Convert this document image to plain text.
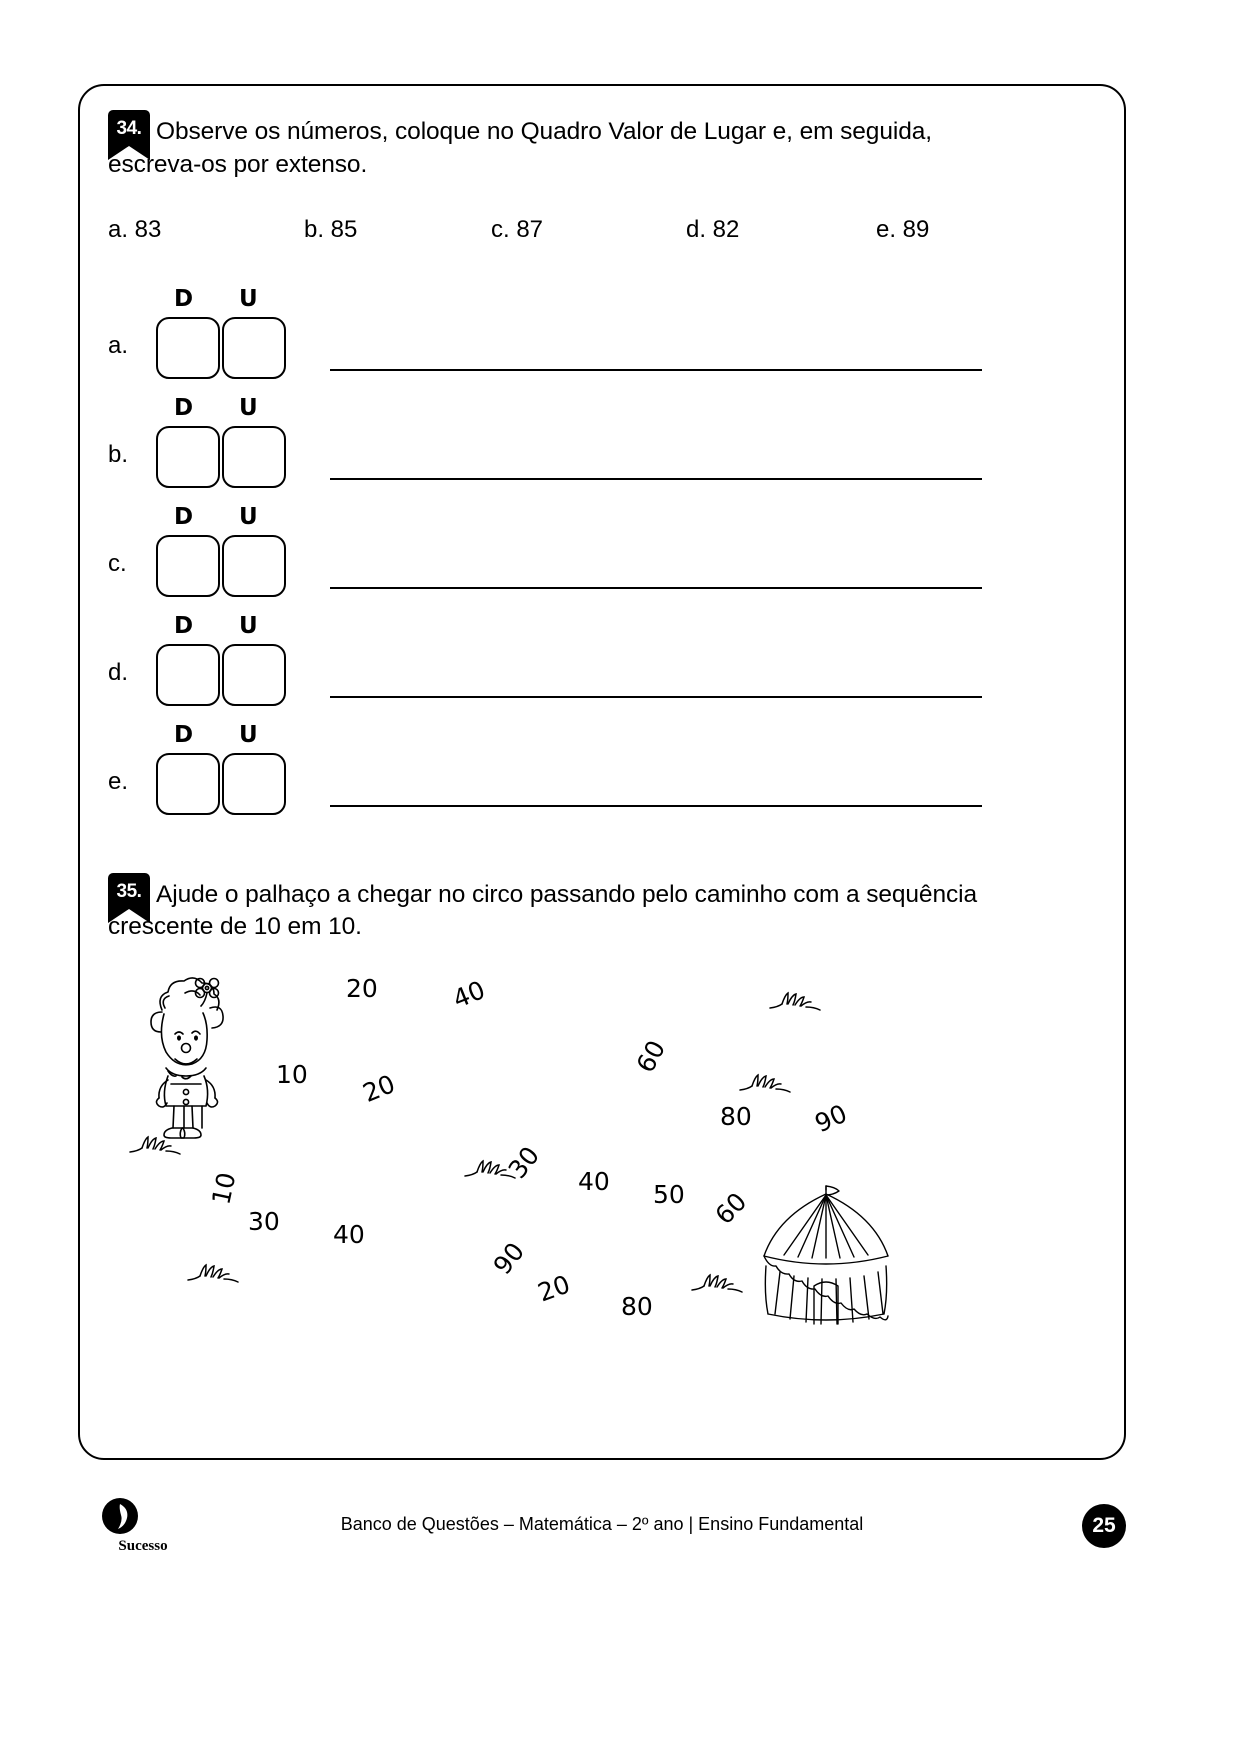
34. Observe os números, coloque no Quadro Valor de Lugar e, em seguida, escreva-os por extenso.
a. 83	b. 85	c. 87	d. 82	e. 89
a.
D U
b.
D U
c.
D U
d.
D U
e.
D U
35. Ajude o palhaço a chegar no circo passando pelo caminho com a sequência crescente de 10 em 10.
20	40
10 20
60
80 90
10
30 40 50 60
30 40
90
20 80
Sucesso
Banco de Questões – Matemática – 2º ano | Ensino Fundamental	25
